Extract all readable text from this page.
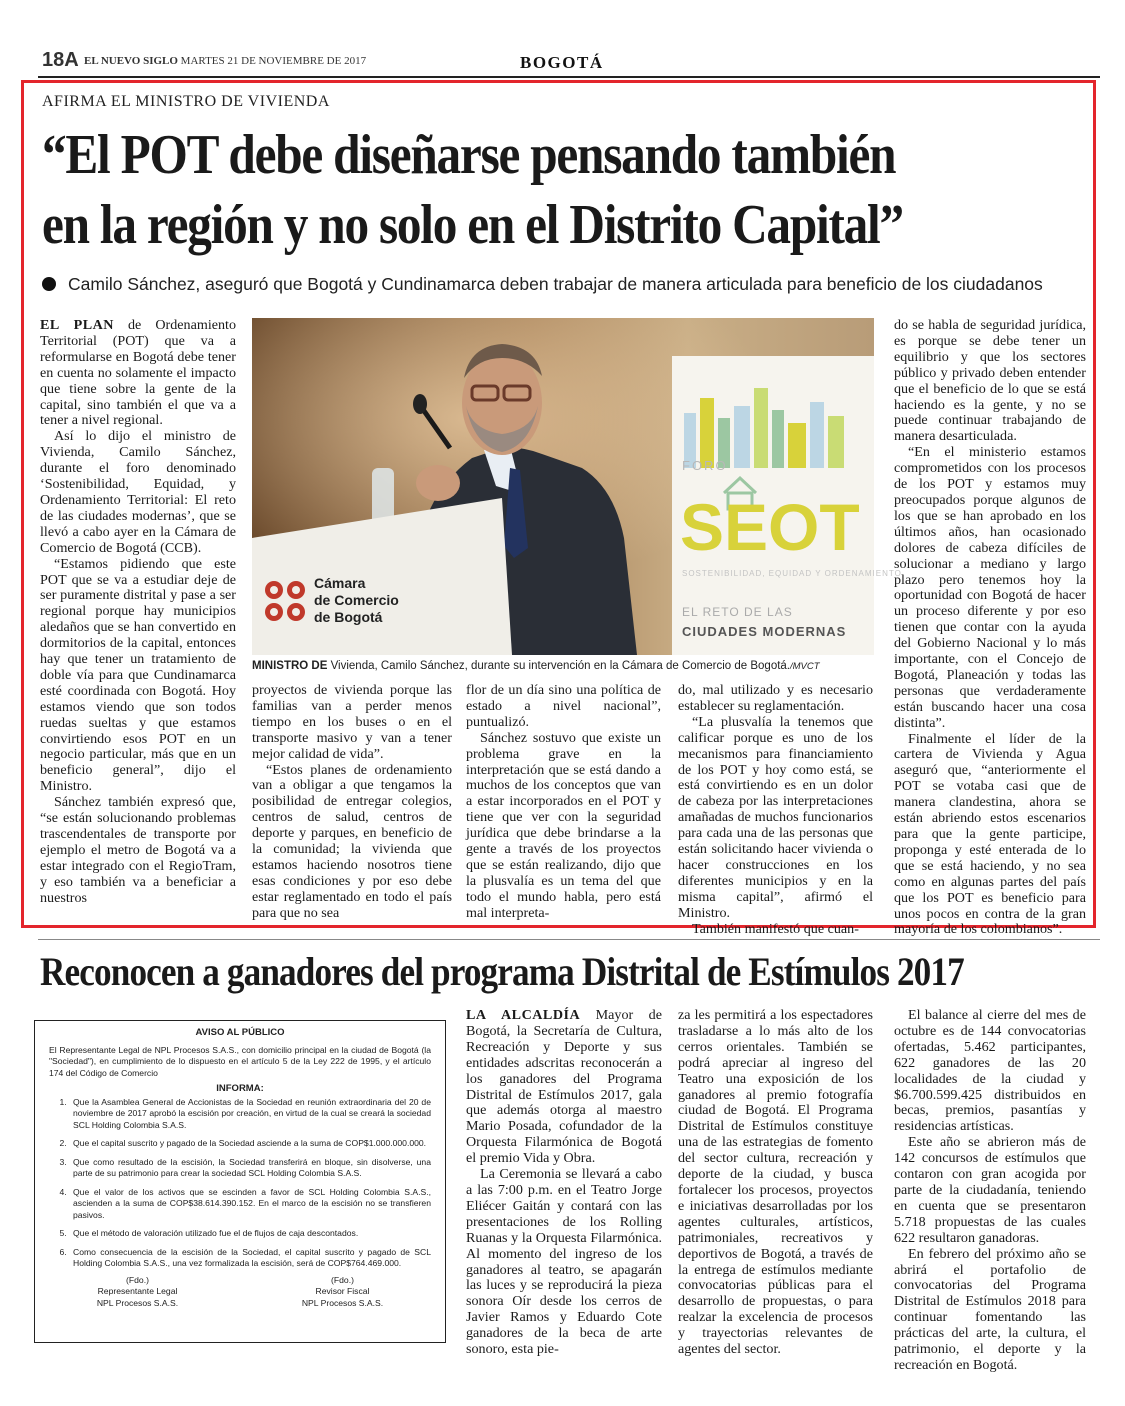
18A EL NUEVO SIGLO MARTES 21 DE NOVIEMBRE DE 2017	BOGOTÁ
AFIRMA EL MINISTRO DE VIVIENDA
“El POT debe diseñarse pensando también
en la región y no solo en el Distrito Capital”
Camilo Sánchez, aseguró que Bogotá y Cundinamarca deben trabajar de manera articulada para beneficio de los ciudadanos

EL PLAN de Ordenamiento Territorial (POT) que va a reformularse en Bogotá debe tener en cuenta no solamente el impacto que tiene sobre la gente de la capital, sino también el que va a tener a nivel regional.

Así lo dijo el ministro de Vivienda, Camilo Sánchez, durante el foro denominado ‘Sostenibilidad, Equidad, y Ordenamiento Territorial: El reto de las ciudades modernas’, que se llevó a cabo ayer en la Cámara de Comercio de Bogotá (CCB).

“Estamos pidiendo que este POT que se va a estudiar deje de ser puramente distrital y pase a ser regional porque hay municipios aledaños que se han convertido en dormitorios de la capital, entonces hay que tener un tratamiento de doble vía para que Cundinamarca esté coordinada con Bogotá. Hoy estamos viendo que son todos ruedas sueltas y que estamos convirtiendo esos POT en un negocio particular, más que en un beneficio general”, dijo el Ministro.

Sánchez también expresó que, “se están solucionando problemas trascendentales de transporte por ejemplo el metro de Bogotá va a estar integrado con el RegioTram, y eso también va a beneficiar a nuestros

FORO
SEOT
SOSTENIBILIDAD, EQUIDAD Y ORDENAMIENTO
EL RETO DE LAS
CIUDADES MODERNAS
Cámara
de Comercio
de Bogotá
MINISTRO DE Vivienda, Camilo Sánchez, durante su intervención en la Cámara de Comercio de Bogotá./MVCT

proyectos de vivienda porque las familias van a perder menos tiempo en los buses o en el transporte masivo y van a tener mejor calidad de vida”.

“Estos planes de ordenamiento van a obligar a que tengamos la posibilidad de entregar colegios, centros de salud, centros de deporte y parques, en beneficio de la comunidad; la vivienda que estamos haciendo nosotros tiene esas condiciones y por eso debe estar reglamentado en todo el país para que no sea

flor de un día sino una política de estado a nivel nacional”, puntualizó.

Sánchez sostuvo que existe un problema grave en la interpretación que se está dando a muchos de los conceptos que van a estar incorporados en el POT y tiene que ver con la seguridad jurídica que debe brindarse a la gente a través de los proyectos que se están realizando, dijo que la plusvalía es un tema del que todo el mundo habla, pero está mal interpreta-

do, mal utilizado y es necesario establecer su reglamentación.

“La plusvalía la tenemos que calificar porque es uno de los mecanismos para financiamiento de los POT y hoy como está, se está convirtiendo es en un dolor de cabeza por las interpretaciones amañadas de muchos funcionarios para cada una de las personas que están solicitando hacer vivienda o hacer construcciones en los diferentes municipios y en la misma capital”, afirmó el Ministro.

También manifestó que cuan-

do se habla de seguridad jurídica, es porque se debe tener un equilibrio y que los sectores público y privado deben entender que el beneficio de lo que se está haciendo es la gente, y no se puede continuar trabajando de manera desarticulada.

“En el ministerio estamos comprometidos con los procesos de los POT y estamos muy preocupados porque algunos de los que se han aprobado en los últimos años, han ocasionado dolores de cabeza difíciles de solucionar a mediano y largo plazo pero tenemos hoy la oportunidad con Bogotá de hacer un proceso diferente y por eso tienen que contar con la ayuda del Gobierno Nacional y lo más importante, con el Concejo de Bogotá, Planeación y todas las personas que verdaderamente están buscando hacer una cosa distinta”.

Finalmente el líder de la cartera de Vivienda y Agua aseguró que, “anteriormente el POT se votaba casi que de manera clandestina, ahora se están abriendo estos escenarios para que la gente participe, proponga y esté enterada de lo que se está haciendo, y no sea como en algunas partes del país que los POT es beneficio para unos pocos en contra de la gran mayoría de los colombianos”.

Reconocen a ganadores del programa Distrital de Estímulos 2017
AVISO AL PÚBLICO
El Representante Legal de NPL Procesos S.A.S., con domicilio principal en la ciudad de Bogotá (la "Sociedad"), en cumplimiento de lo dispuesto en el artículo 5 de la Ley 222 de 1995, y el artículo 174 del Código de Comercio
INFORMA:
1. Que la Asamblea General de Accionistas de la Sociedad en reunión extraordinaria del 20 de noviembre de 2017 aprobó la escisión por creación, en virtud de la cual se creará la sociedad SCL Holding Colombia S.A.S.
2. Que el capital suscrito y pagado de la Sociedad asciende a la suma de COP$1.000.000.000.
3. Que como resultado de la escisión, la Sociedad transferirá en bloque, sin disolverse, una parte de su patrimonio para crear la sociedad SCL Holding Colombia S.A.S.
4. Que el valor de los activos que se escinden a favor de SCL Holding Colombia S.A.S., ascienden a la suma de COP$38.614.390.152. En el marco de la escisión no se transfieren pasivos.
5. Que el método de valoración utilizado fue el de flujos de caja descontados.
6. Como consecuencia de la escisión de la Sociedad, el capital suscrito y pagado de SCL Holding Colombia S.A.S., una vez formalizada la escisión, será de COP$764.469.000.
(Fdo.)
Representante Legal
NPL Procesos S.A.S.
(Fdo.)
Revisor Fiscal
NPL Procesos S.A.S.

LA ALCALDÍA Mayor de Bogotá, la Secretaría de Cultura, Recreación y Deporte y sus entidades adscritas reconocerán a los ganadores del Programa Distrital de Estímulos 2017, gala que además otorga al maestro Mario Posada, cofundador de la Orquesta Filarmónica de Bogotá el premio Vida y Obra.

La Ceremonia se llevará a cabo a las 7:00 p.m. en el Teatro Jorge Eliécer Gaitán y contará con las presentaciones de los Rolling Ruanas y la Orquesta Filarmónica. Al momento del ingreso de los ganadores al teatro, se apagarán las luces y se reproducirá la pieza sonora Oír desde los cerros de Javier Ramos y Eduardo Cote ganadores de la beca de arte sonoro, esta pie-

za les permitirá a los espectadores trasladarse a lo más alto de los cerros orientales. También se podrá apreciar al ingreso del Teatro una exposición de los ganadores al premio fotografía ciudad de Bogotá. El Programa Distrital de Estímulos constituye una de las estrategias de fomento del sector cultura, recreación y deporte de la ciudad, y busca fortalecer los procesos, proyectos e iniciativas desarrolladas por los agentes culturales, artísticos, patrimoniales, recreativos y deportivos de Bogotá, a través de la entrega de estímulos mediante convocatorias públicas para el desarrollo de propuestas, o para realzar la excelencia de procesos y trayectorias relevantes de agentes del sector.

El balance al cierre del mes de octubre es de 144 convocatorias ofertadas, 5.462 participantes, 622 ganadores de las 20 localidades de la ciudad y $6.700.599.425 distribuidos en becas, premios, pasantías y residencias artísticas.

Este año se abrieron más de 142 concursos de estímulos que contaron con gran acogida por parte de la ciudadanía, teniendo en cuenta que se presentaron 5.718 propuestas de las cuales 622 resultaron ganadoras.

En febrero del próximo año se abrirá el portafolio de convocatorias del Programa Distrital de Estímulos 2018 para continuar fomentando las prácticas del arte, la cultura, el patrimonio, el deporte y la recreación en Bogotá.
